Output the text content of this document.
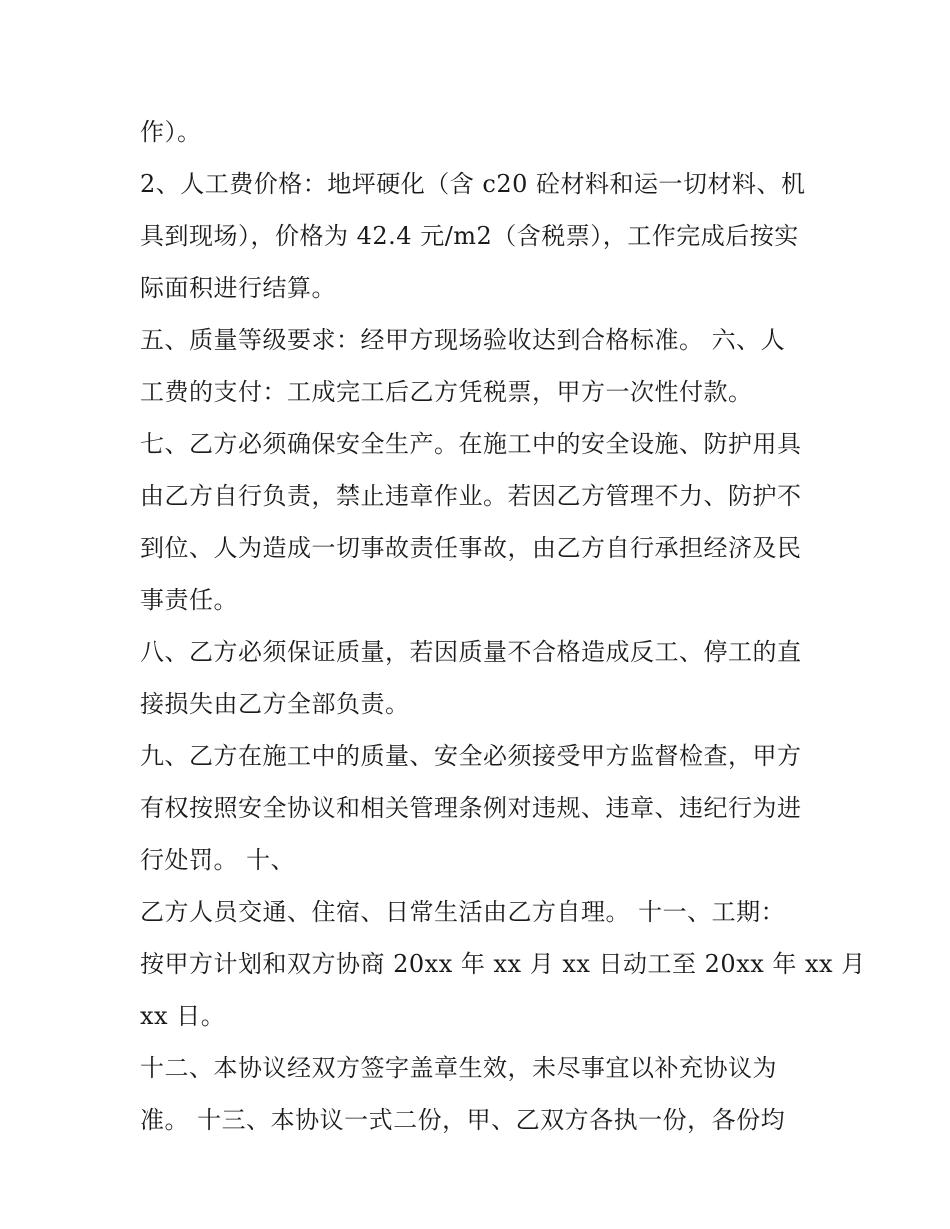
作）。
2、人工费价格：地坪硬化（含 c20 砼材料和运一切材料、机
具到现场），价格为 42.4 元/m2（含税票），工作完成后按实
际面积进行结算。
五、质量等级要求：经甲方现场验收达到合格标准。 六、人
工费的支付：工成完工后乙方凭税票，甲方一次性付款。
七、乙方必须确保安全生产。在施工中的安全设施、防护用具
由乙方自行负责，禁止违章作业。若因乙方管理不力、防护不
到位、人为造成一切事故责任事故，由乙方自行承担经济及民
事责任。
八、乙方必须保证质量，若因质量不合格造成反工、停工的直
接损失由乙方全部负责。
九、乙方在施工中的质量、安全必须接受甲方监督检查，甲方
有权按照安全协议和相关管理条例对违规、违章、违纪行为进
行处罚。 十、
乙方人员交通、住宿、日常生活由乙方自理。 十一、工期：
按甲方计划和双方协商 20xx 年 xx 月 xx 日动工至 20xx 年 xx 月
xx 日。
十二、本协议经双方签字盖章生效，未尽事宜以补充协议为
准。 十三、本协议一式二份，甲、乙双方各执一份，各份均
